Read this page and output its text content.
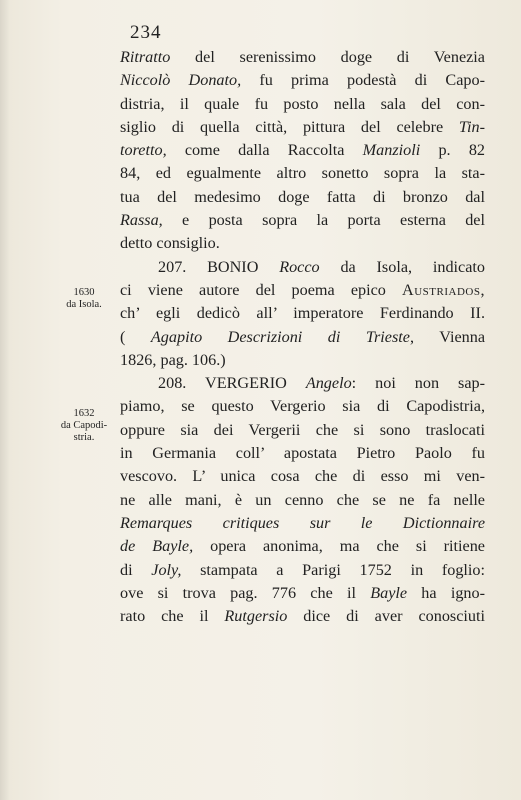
234
1630
da Isola.
1632
da Capodi-
stria.
Ritratto del serenissimo doge di Venezia
Niccolò Donato, fu prima podestà di Capo-
distria, il quale fu posto nella sala del con-
siglio di quella città, pittura del celebre Tin-
toretto, come dalla Raccolta Manzioli p. 82
84, ed egualmente altro sonetto sopra la sta-
tua del medesimo doge fatta di bronzo dal
Rassa, e posta sopra la porta esterna del
detto consiglio.
207. BONIO Rocco da Isola, indicato
ci viene autore del poema epico Austriados,
ch’ egli dedicò all’ imperatore Ferdinando II.
( Agapito Descrizioni di Trieste, Vienna
1826, pag. 106.)
208. VERGERIO Angelo: noi non sap-
piamo, se questo Vergerio sia di Capodistria,
oppure sia dei Vergerii che si sono traslocati
in Germania coll’ apostata Pietro Paolo fu
vescovo. L’ unica cosa che di esso mi ven-
ne alle mani, è un cenno che se ne fa nelle
Remarques critiques sur le Dictionnaire
de Bayle, opera anonima, ma che si ritiene
di Joly, stampata a Parigi 1752 in foglio:
ove si trova pag. 776 che il Bayle ha igno-
rato che il Rutgersio dice di aver conosciuti
